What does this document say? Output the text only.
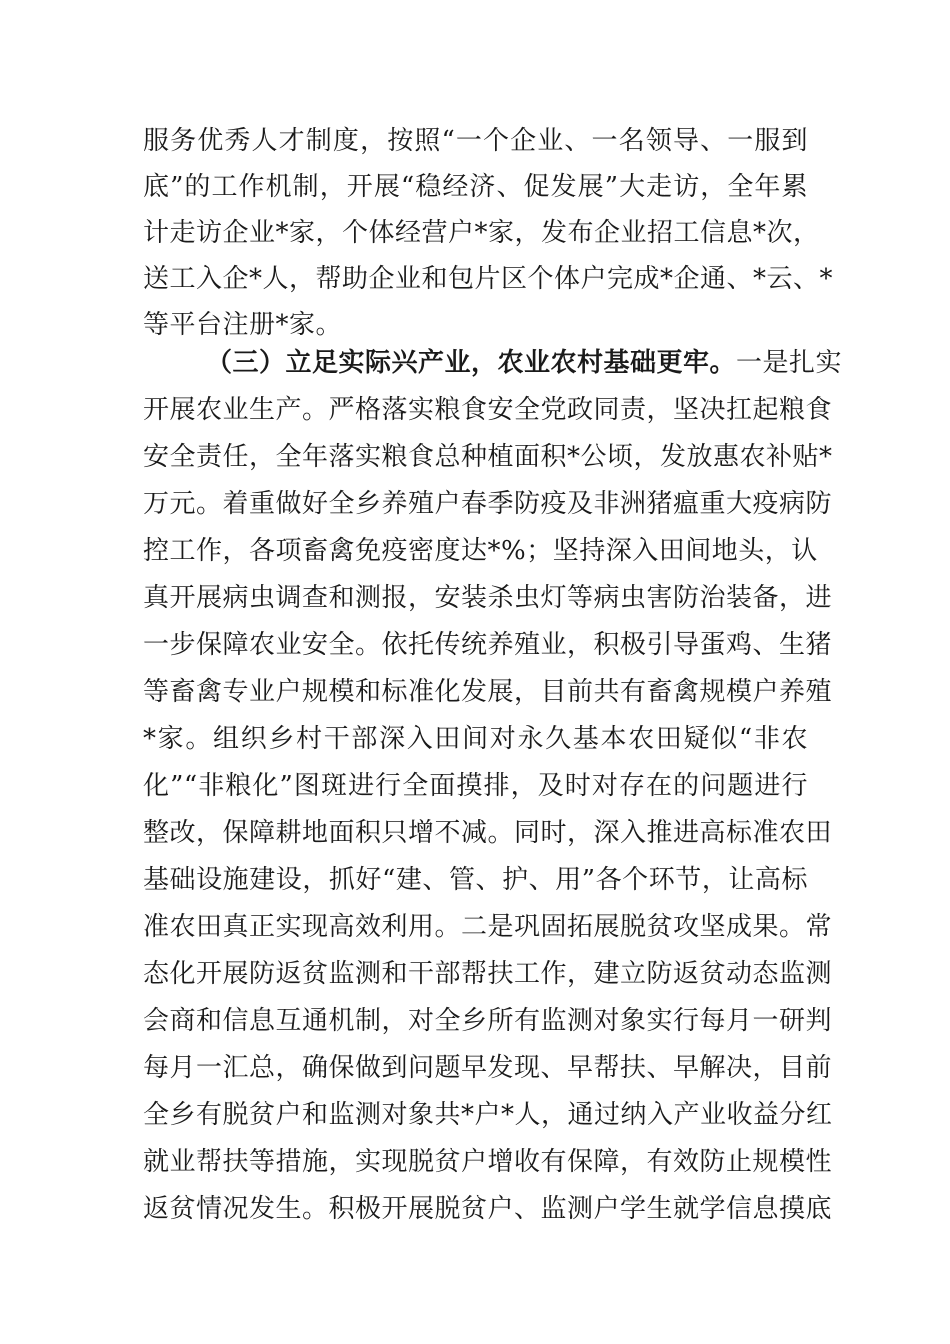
服务优秀人才制度，按照“一个企业、一名领导、一服到
底”的工作机制，开展“稳经济、促发展”大走访，全年累
计走访企业*家，个体经营户*家，发布企业招工信息*次，
送工入企*人，帮助企业和包片区个体户完成*企通、*云、*
等平台注册*家。
（三）立足实际兴产业，农业农村基础更牢。一是扎实
开展农业生产。严格落实粮食安全党政同责，坚决扛起粮食
安全责任，全年落实粮食总种植面积*公顷，发放惠农补贴*
万元。着重做好全乡养殖户春季防疫及非洲猪瘟重大疫病防
控工作，各项畜禽免疫密度达*%；坚持深入田间地头，认
真开展病虫调查和测报，安装杀虫灯等病虫害防治装备，进
一步保障农业安全。依托传统养殖业，积极引导蛋鸡、生猪
等畜禽专业户规模和标准化发展，目前共有畜禽规模户养殖
*家。组织乡村干部深入田间对永久基本农田疑似“非农
化”“非粮化”图斑进行全面摸排，及时对存在的问题进行
整改，保障耕地面积只增不减。同时，深入推进高标准农田
基础设施建设，抓好“建、管、护、用”各个环节，让高标
准农田真正实现高效利用。二是巩固拓展脱贫攻坚成果。常
态化开展防返贫监测和干部帮扶工作，建立防返贫动态监测
会商和信息互通机制，对全乡所有监测对象实行每月一研判
每月一汇总，确保做到问题早发现、早帮扶、早解决，目前
全乡有脱贫户和监测对象共*户*人，通过纳入产业收益分红
就业帮扶等措施，实现脱贫户增收有保障，有效防止规模性
返贫情况发生。积极开展脱贫户、监测户学生就学信息摸底
